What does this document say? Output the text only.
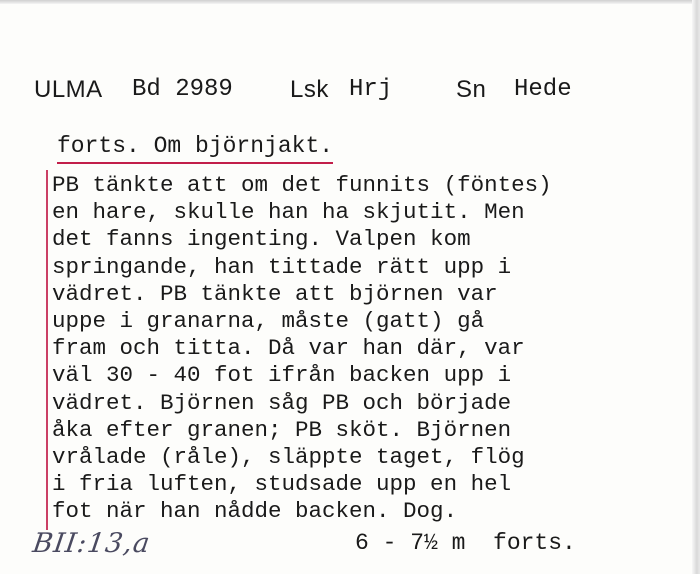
ULMA Bd 2989 Lsk Hrj	Sn Hede
forts. Om björnjakt.
PB tänkte att om det funnits (föntes)
en hare, skulle han ha skjutit. Men
det fanns ingenting. Valpen kom
springande, han tittade rätt upp i
vädret. PB tänkte att björnen var
uppe i granarna, måste (gatt) gå
fram och titta. Då var han där, var
väl 30 - 40 fot ifrån backen upp i
vädret. Björnen såg PB och började
åka efter granen; PB sköt. Björnen
vrålade (råle), släppte taget, flög
i fria luften, studsade upp en hel
fot när han nådde backen. Dog.
BII:13,a	6 - 7½ m  forts.
